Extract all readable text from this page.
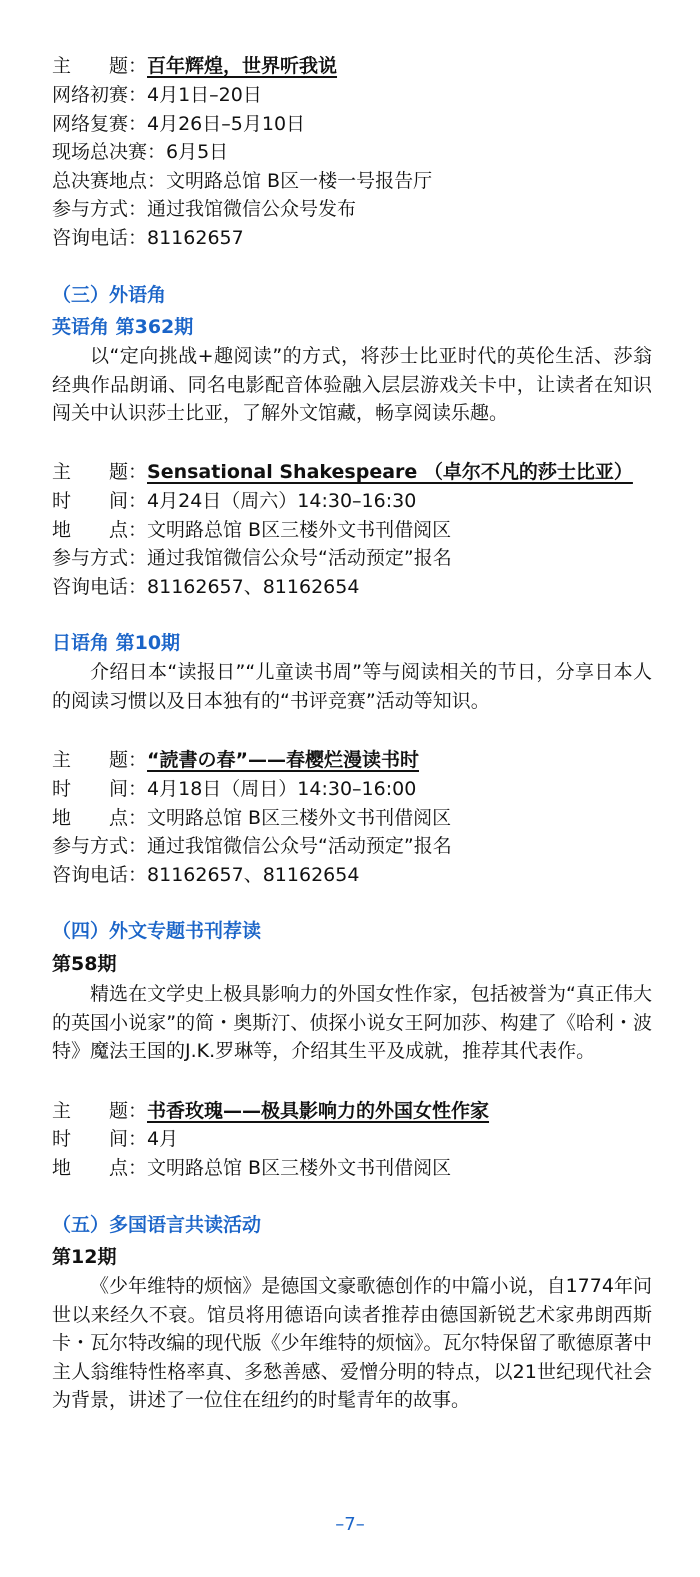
主　　题：百年辉煌，世界听我说
网络初赛：4月1日–20日
网络复赛：4月26日–5月10日
现场总决赛：6月5日
总决赛地点：文明路总馆 B区一楼一号报告厅
参与方式：通过我馆微信公众号发布
咨询电话：81162657
（三）外语角
英语角 第362期
以“定向挑战+趣阅读”的方式，将莎士比亚时代的英伦生活、莎翁经典作品朗诵、同名电影配音体验融入层层游戏关卡中，让读者在知识闯关中认识莎士比亚，了解外文馆藏，畅享阅读乐趣。
主　　题：Sensational Shakespeare （卓尔不凡的莎士比亚）
时　　间：4月24日（周六）14:30–16:30
地　　点：文明路总馆 B区三楼外文书刊借阅区
参与方式：通过我馆微信公众号“活动预定”报名
咨询电话：81162657、81162654
日语角 第10期
介绍日本“读报日”“儿童读书周”等与阅读相关的节日，分享日本人的阅读习惯以及日本独有的“书评竞赛”活动等知识。
主　　题：“読書の春”——春樱烂漫读书时
时　　间：4月18日（周日）14:30–16:00
地　　点：文明路总馆 B区三楼外文书刊借阅区
参与方式：通过我馆微信公众号“活动预定”报名
咨询电话：81162657、81162654
（四）外文专题书刊荐读
第58期
精选在文学史上极具影响力的外国女性作家，包括被誉为“真正伟大的英国小说家”的简・奥斯汀、侦探小说女王阿加莎、构建了《哈利・波特》魔法王国的J.K.罗琳等，介绍其生平及成就，推荐其代表作。
主　　题：书香玫瑰——极具影响力的外国女性作家
时　　间：4月
地　　点：文明路总馆 B区三楼外文书刊借阅区
（五）多国语言共读活动
第12期
《少年维特的烦恼》是德国文豪歌德创作的中篇小说，自1774年问世以来经久不衰。馆员将用德语向读者推荐由德国新锐艺术家弗朗西斯卡・瓦尔特改编的现代版《少年维特的烦恼》。瓦尔特保留了歌德原著中主人翁维特性格率真、多愁善感、爱憎分明的特点，以21世纪现代社会为背景，讲述了一位住在纽约的时髦青年的故事。
–7–
